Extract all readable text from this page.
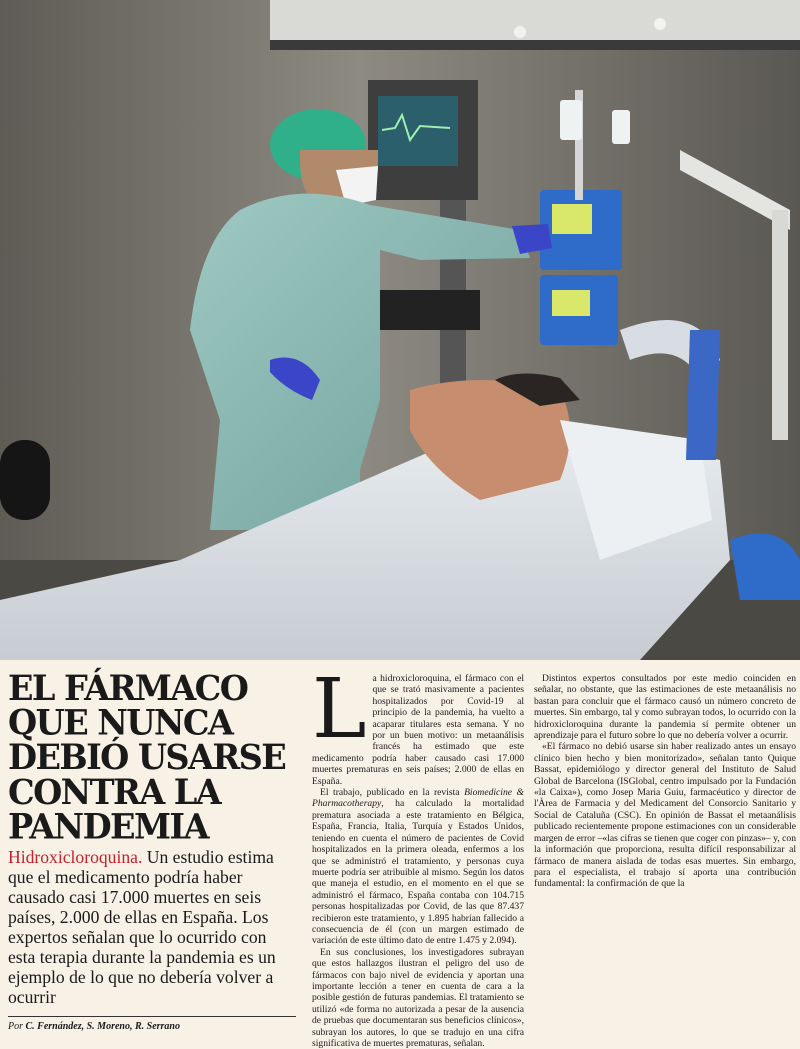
EL FÁRMACO
QUE NUNCA
DEBIÓ USARSE
CONTRA LA
PANDEMIA

Hidroxicloroquina. Un estudio estima que el medicamento podría haber causado casi 17.000 muertes en seis países, 2.000 de ellas en España. Los expertos señalan que lo ocurrido con esta terapia durante la pandemia es un ejemplo de lo que no debería volver a ocurrir

Por C. Fernández, S. Moreno, R. Serrano

La hidroxicloroquina, el fármaco con el que se trató masivamente a pacientes hospitalizados por Covid-19 al principio de la pandemia, ha vuelto a acaparar titulares esta semana. Y no por un buen motivo: un metaanálisis francés ha estimado que este medicamento podría haber causado casi 17.000 muertes prematuras en seis países; 2.000 de ellas en España.

El trabajo, publicado en la revista Biomedicine & Pharmacotherapy, ha calculado la mortalidad prematura asociada a este tratamiento en Bélgica, España, Francia, Italia, Turquía y Estados Unidos, teniendo en cuenta el número de pacientes de Covid hospitalizados en la primera oleada, enfermos a los que se administró el tratamiento, y personas cuya muerte podría ser atribuible al mismo. Según los datos que maneja el estudio, en el momento en el que se administró el fármaco, España contaba con 104.715 personas hospitalizadas por Covid, de las que 87.437 recibieron este tratamiento, y 1.895 habrían fallecido a consecuencia de él (con un margen estimado de variación de este último dato de entre 1.475 y 2.094).

En sus conclusiones, los investigadores subrayan que estos hallazgos ilustran el peligro del uso de fármacos con bajo nivel de evidencia y aportan una importante lección a tener en cuenta de cara a la posible gestión de futuras pandemias. El tratamiento se utilizó «de forma no autorizada a pesar de la ausencia de pruebas que documentaran sus beneficios clínicos», subrayan los autores, lo que se tradujo en una cifra significativa de muertes prematuras, señalan.

Distintos expertos consultados por este medio coinciden en señalar, no obstante, que las estimaciones de este metaanálisis no bastan para concluir que el fármaco causó un número concreto de muertes. Sin embargo, tal y como subrayan todos, lo ocurrido con la hidroxicloroquina durante la pandemia sí permite obtener un aprendizaje para el futuro sobre lo que no debería volver a ocurrir.

«El fármaco no debió usarse sin haber realizado antes un ensayo clínico bien hecho y bien monitorizado», señalan tanto Quique Bassat, epidemiólogo y director general del Instituto de Salud Global de Barcelona (ISGlobal, centro impulsado por la Fundación «la Caixa»), como Josep Maria Guiu, farmacéutico y director de l'Àrea de Farmacia y del Medicament del Consorcio Sanitario y Social de Cataluña (CSC). En opinión de Bassat el metaanálisis publicado recientemente propone estimaciones con un considerable margen de error –«las cifras se tienen que coger con pinzas»– y, con la información que proporciona, resulta difícil responsabilizar al fármaco de manera aislada de todas esas muertes. Sin embargo, para el especialista, el trabajo sí aporta una contribución fundamental: la confirmación de que la
